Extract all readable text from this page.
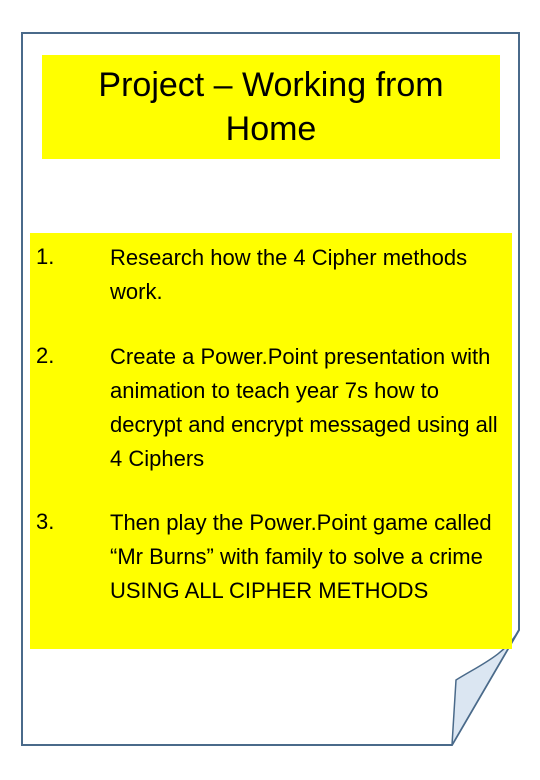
Project – Working from Home
1.	Research how the 4 Cipher methods work.
2.	Create a Power.Point presentation with animation to teach year 7s how to decrypt and encrypt messaged using all 4 Ciphers
3.	Then play the Power.Point game called “Mr Burns” with family to solve a crime USING ALL CIPHER METHODS
